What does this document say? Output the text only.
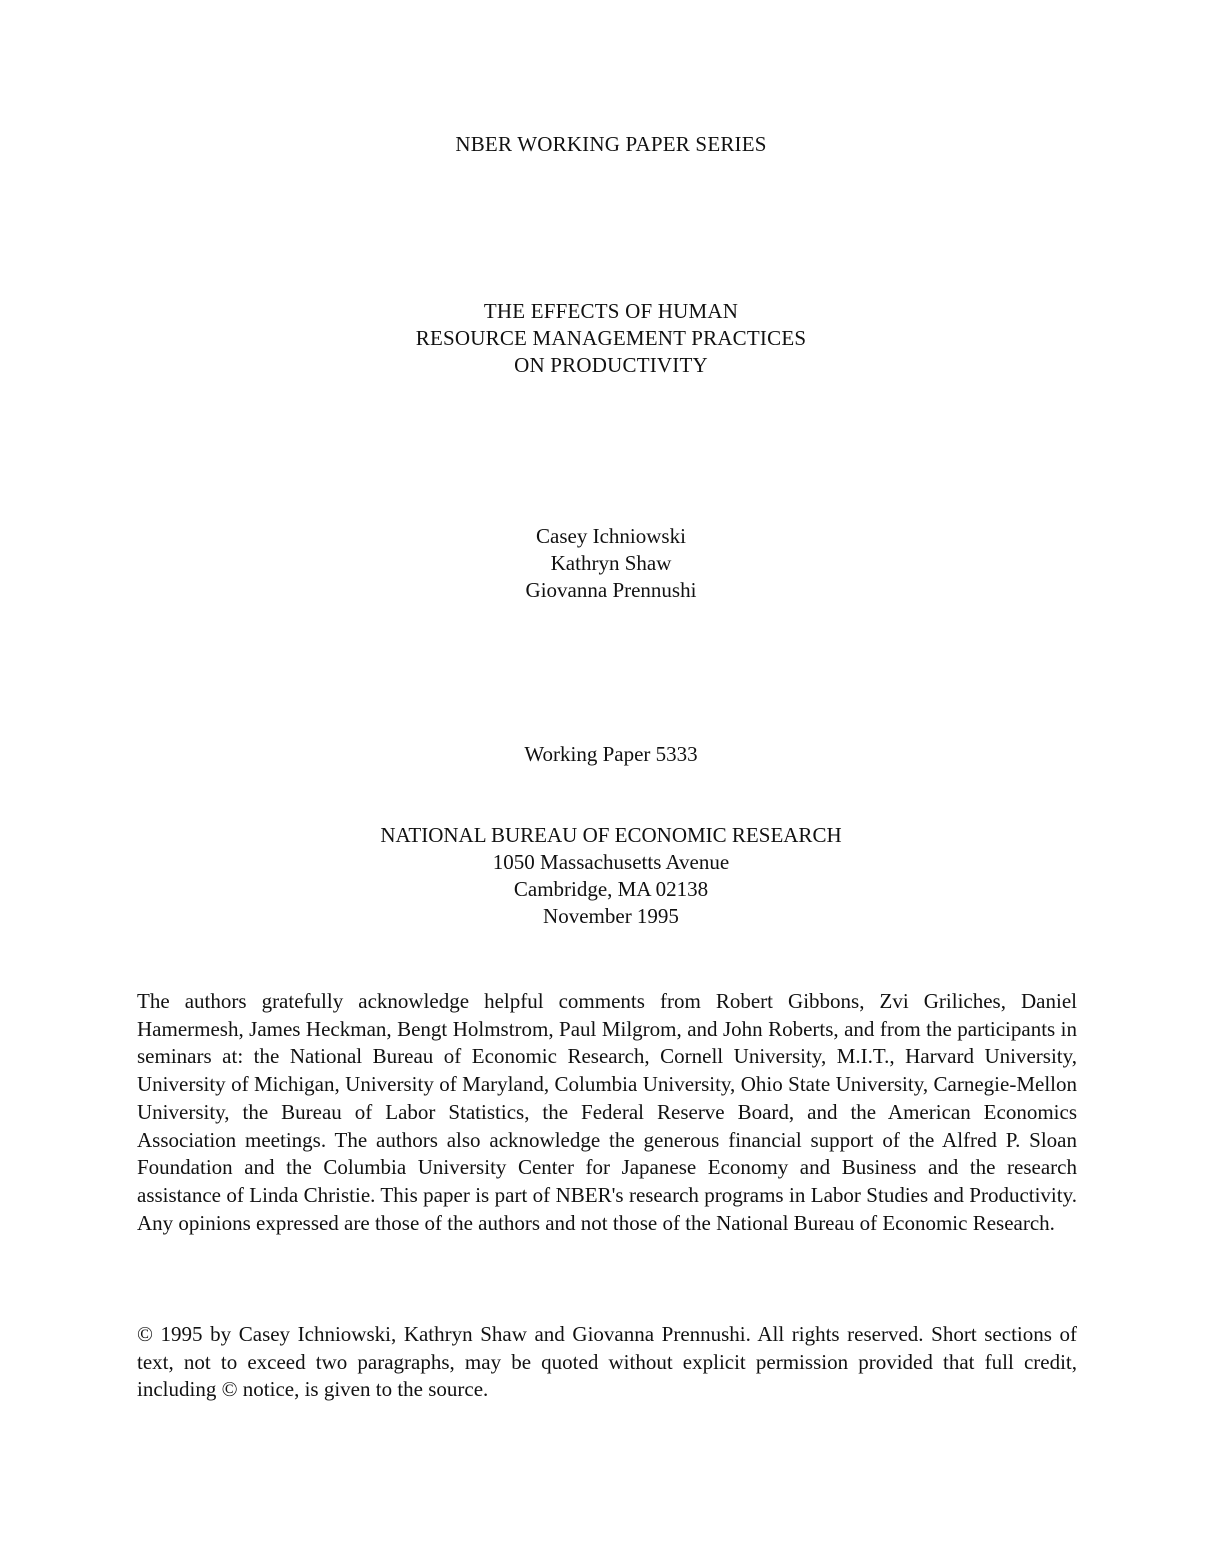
NBER WORKING PAPER SERIES

THE EFFECTS OF HUMAN
RESOURCE MANAGEMENT PRACTICES
ON PRODUCTIVITY
Casey Ichniowski
Kathryn Shaw
Giovanna Prennushi

Working Paper 5333

NATIONAL BUREAU OF ECONOMIC RESEARCH
1050 Massachusetts Avenue
Cambridge, MA 02138
November 1995

The authors gratefully acknowledge helpful comments from Robert Gibbons, Zvi Griliches, Daniel Hamermesh, James Heckman, Bengt Holmstrom, Paul Milgrom, and John Roberts, and from the participants in seminars at: the National Bureau of Economic Research, Cornell University, M.I.T., Harvard University, University of Michigan, University of Maryland, Columbia University, Ohio State University, Carnegie-Mellon University, the Bureau of Labor Statistics, the Federal Reserve Board, and the American Economics Association meetings. The authors also acknowledge the generous financial support of the Alfred P. Sloan Foundation and the Columbia University Center for Japanese Economy and Business and the research assistance of Linda Christie. This paper is part of NBER's research programs in Labor Studies and Productivity. Any opinions expressed are those of the authors and not those of the National Bureau of Economic Research.

© 1995 by Casey Ichniowski, Kathryn Shaw and Giovanna Prennushi. All rights reserved. Short sections of text, not to exceed two paragraphs, may be quoted without explicit permission provided that full credit, including © notice, is given to the source.
